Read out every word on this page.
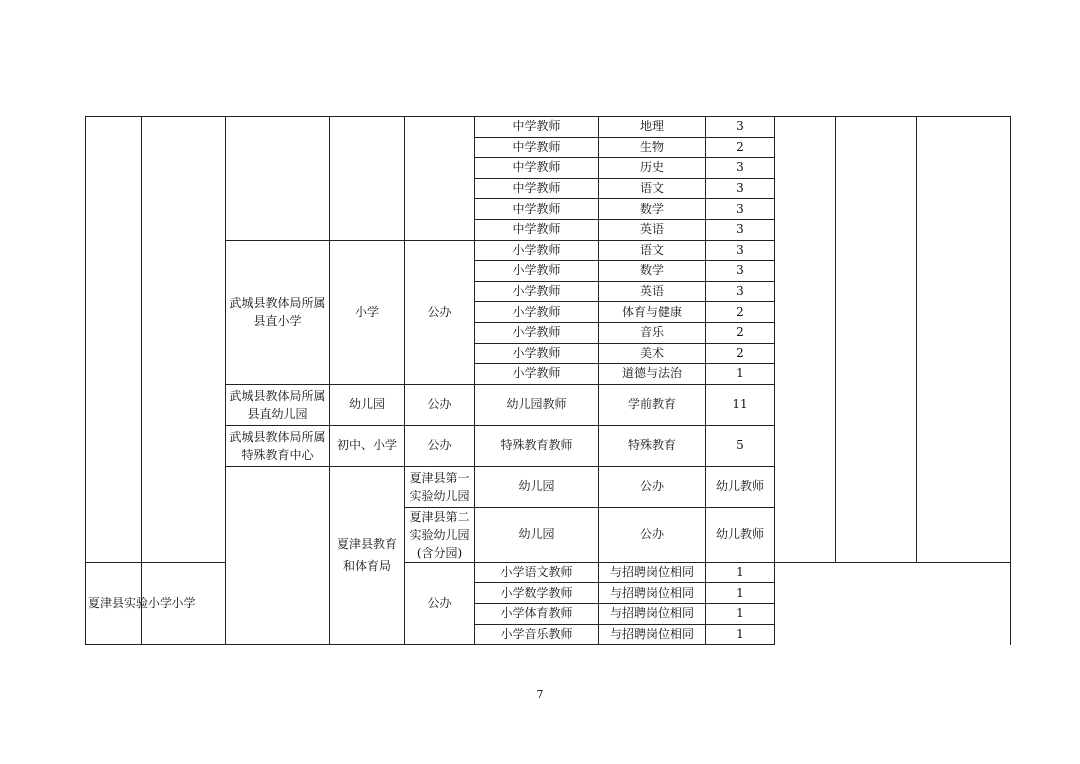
					中学教师	地理	3				
					中学教师	生物	2				
					中学教师	历史	3				
					中学教师	语文	3				
					中学教师	数学	3				
					中学教师	英语	3				
		武城县教体局所属县直小学	小学	公办	小学教师	语文	3				
					小学教师	数学	3				
					小学教师	英语	3				
					小学教师	体育与健康	2				
					小学教师	音乐	2				
					小学教师	美术	2				
					小学教师	道德与法治	1				
		武城县教体局所属县直幼儿园	幼儿园	公办	幼儿园教师	学前教育	11				
		武城县教体局所属特殊教育中心	初中、小学	公办	特殊教育教师	特殊教育	5				
			夏津县教育和体育局	夏津县第一实验幼儿园	幼儿园	公办	幼儿教师					
				夏津县第二实验幼儿园(含分园)	幼儿园	公办	幼儿教师		
夏津县实验小学	小学			公办	小学语文教师	与招聘岗位相同	1				
					小学数学教师	与招聘岗位相同	1				
					小学体育教师	与招聘岗位相同	1				
					小学音乐教师	与招聘岗位相同	1				
7
